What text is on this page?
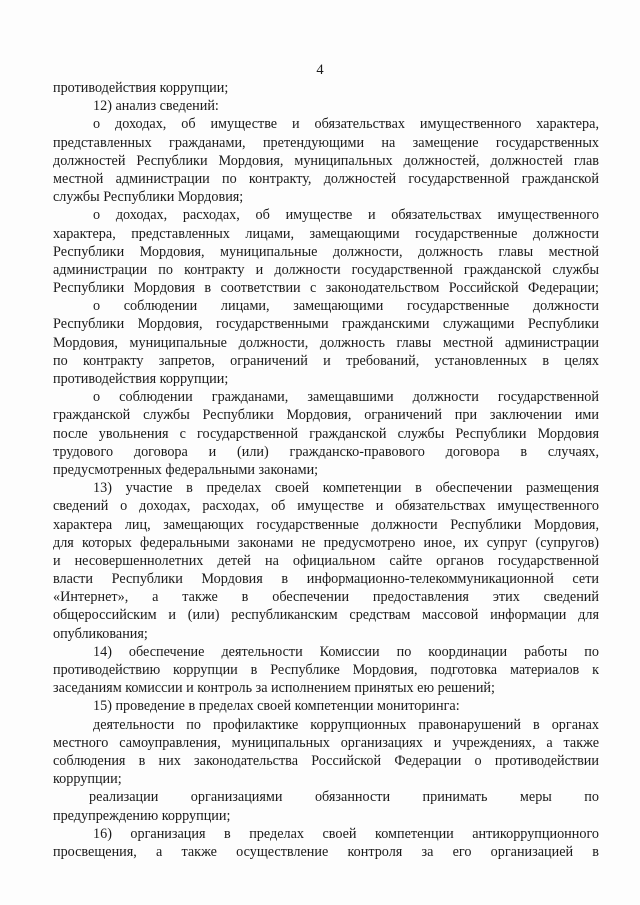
4
противодействия коррупции;
12) анализ сведений:
о доходах, об имуществе и обязательствах имущественного характера,
представленных гражданами, претендующими на замещение государственных
должностей Республики Мордовия, муниципальных должностей, должностей глав
местной администрации по контракту, должностей государственной гражданской
службы Республики Мордовия;
о доходах, расходах, об имуществе и обязательствах имущественного
характера, представленных лицами, замещающими государственные должности
Республики Мордовия, муниципальные должности, должность главы местной
администрации по контракту и должности государственной гражданской службы
Республики Мордовия в соответствии с законодательством Российской Федерации;
о соблюдении лицами, замещающими государственные должности
Республики Мордовия, государственными гражданскими служащими Республики
Мордовия, муниципальные должности, должность главы местной администрации
по контракту запретов, ограничений и требований, установленных в целях
противодействия коррупции;
о соблюдении гражданами, замещавшими должности государственной
гражданской службы Республики Мордовия, ограничений при заключении ими
после увольнения с государственной гражданской службы Республики Мордовия
трудового договора и (или) гражданско-правового договора в случаях,
предусмотренных федеральными законами;
13) участие в пределах своей компетенции в обеспечении размещения
сведений о доходах, расходах, об имуществе и обязательствах имущественного
характера лиц, замещающих государственные должности Республики Мордовия,
для которых федеральными законами не предусмотрено иное, их супруг (супругов)
и несовершеннолетних детей на официальном сайте органов государственной
власти Республики Мордовия в информационно-телекоммуникационной сети
«Интернет», а также в обеспечении предоставления этих сведений
общероссийским и (или) республиканским средствам массовой информации для
опубликования;
14) обеспечение деятельности Комиссии по координации работы по
противодействию коррупции в Республике Мордовия, подготовка материалов к
заседаниям комиссии и контроль за исполнением принятых ею решений;
15) проведение в пределах своей компетенции мониторинга:
деятельности по профилактике коррупционных правонарушений в органах
местного самоуправления, муниципальных организациях и учреждениях, а также
соблюдения в них законодательства Российской Федерации о противодействии
коррупции;
реализации организациями обязанности принимать меры по
предупреждению коррупции;
16) организация в пределах своей компетенции антикоррупционного
просвещения, а также осуществление контроля за его организацией в
